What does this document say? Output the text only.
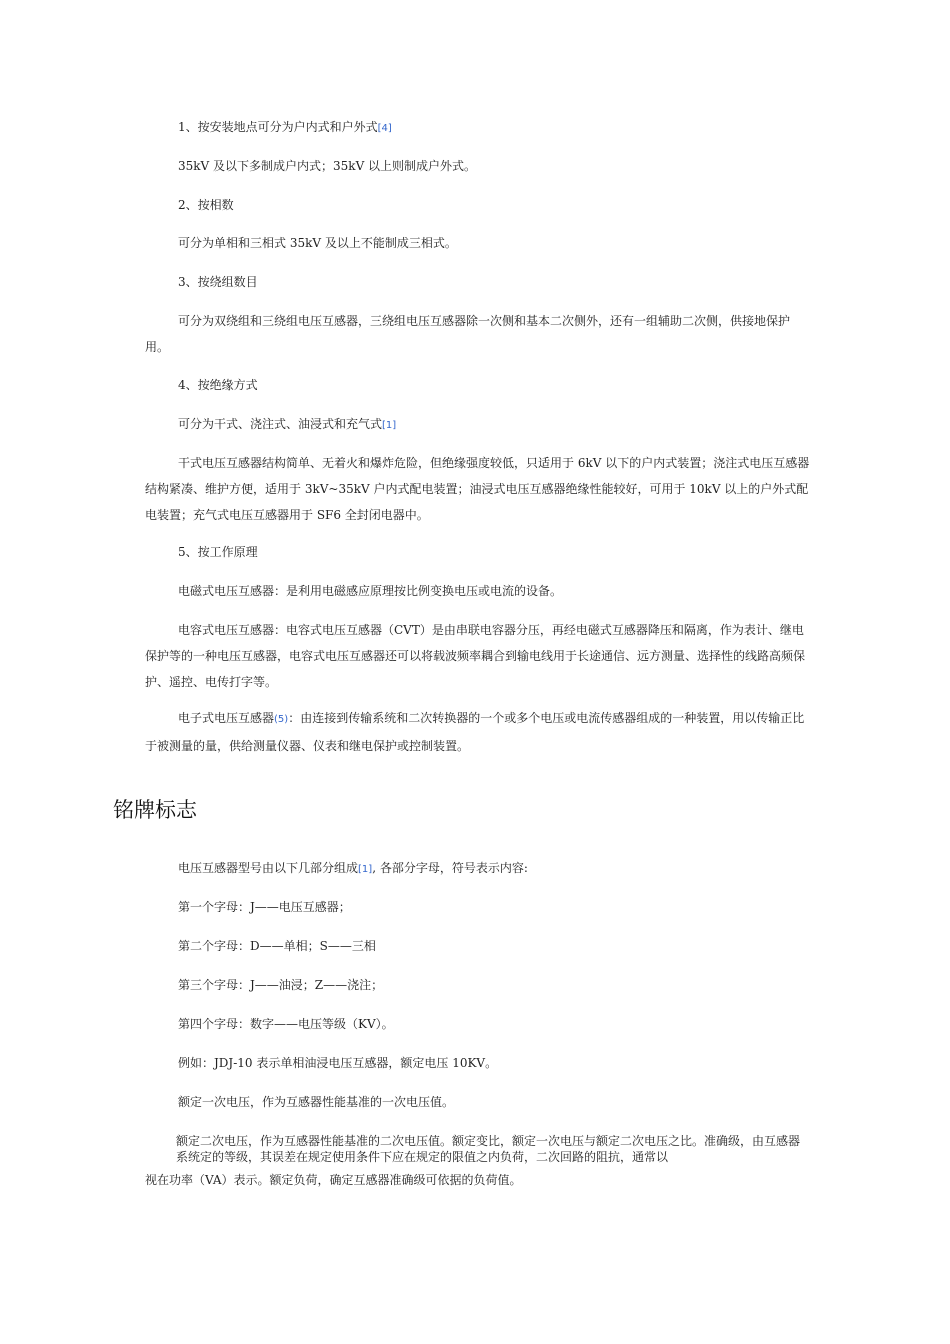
1、按安装地点可分为户内式和户外式[4]

35kV 及以下多制成户内式；35kV 以上则制成户外式。

2、按相数

可分为单相和三相式 35kV 及以上不能制成三相式。

3、按绕组数目

可分为双绕组和三绕组电压互感器，三绕组电压互感器除一次侧和基本二次侧外，还有一组辅助二次侧，供接地保护用。

4、按绝缘方式

可分为干式、浇注式、油浸式和充气式[1]

干式电压互感器结构简单、无着火和爆炸危险，但绝缘强度较低，只适用于 6kV 以下的户内式装置；浇注式电压互感器结构紧凑、维护方便，适用于 3kV~35kV 户内式配电装置；油浸式电压互感器绝缘性能较好，可用于 10kV 以上的户外式配电装置；充气式电压互感器用于 SF6 全封闭电器中。

5、按工作原理

电磁式电压互感器：是利用电磁感应原理按比例变换电压或电流的设备。

电容式电压互感器：电容式电压互感器（CVT）是由串联电容器分压，再经电磁式互感器降压和隔离，作为表计、继电保护等的一种电压互感器，电容式电压互感器还可以将载波频率耦合到输电线用于长途通信、远方测量、选择性的线路高频保护、遥控、电传打字等。

电子式电压互感器(5)：由连接到传输系统和二次转换器的一个或多个电压或电流传感器组成的一种装置，用以传输正比于被测量的量，供给测量仪器、仪表和继电保护或控制装置。

铭牌标志

电压互感器型号由以下几部分组成[1], 各部分字母，符号表示内容:

第一个字母：J——电压互感器；

第二个字母：D——单相；S——三相

第三个字母：J——油浸；Z——浇注；

第四个字母：数字——电压等级（KV）。

例如：JDJ-10 表示单相油浸电压互感器，额定电压 10KV。

额定一次电压，作为互感器性能基准的一次电压值。

额定二次电压，作为互感器性能基准的二次电压值。额定变比，额定一次电压与额定二次电压之比。准确级，由互感器系统定的等级，其误差在规定使用条件下应在规定的限值之内负荷，二次回路的阻抗，通常以

视在功率（VA）表示。额定负荷，确定互感器准确级可依据的负荷值。
